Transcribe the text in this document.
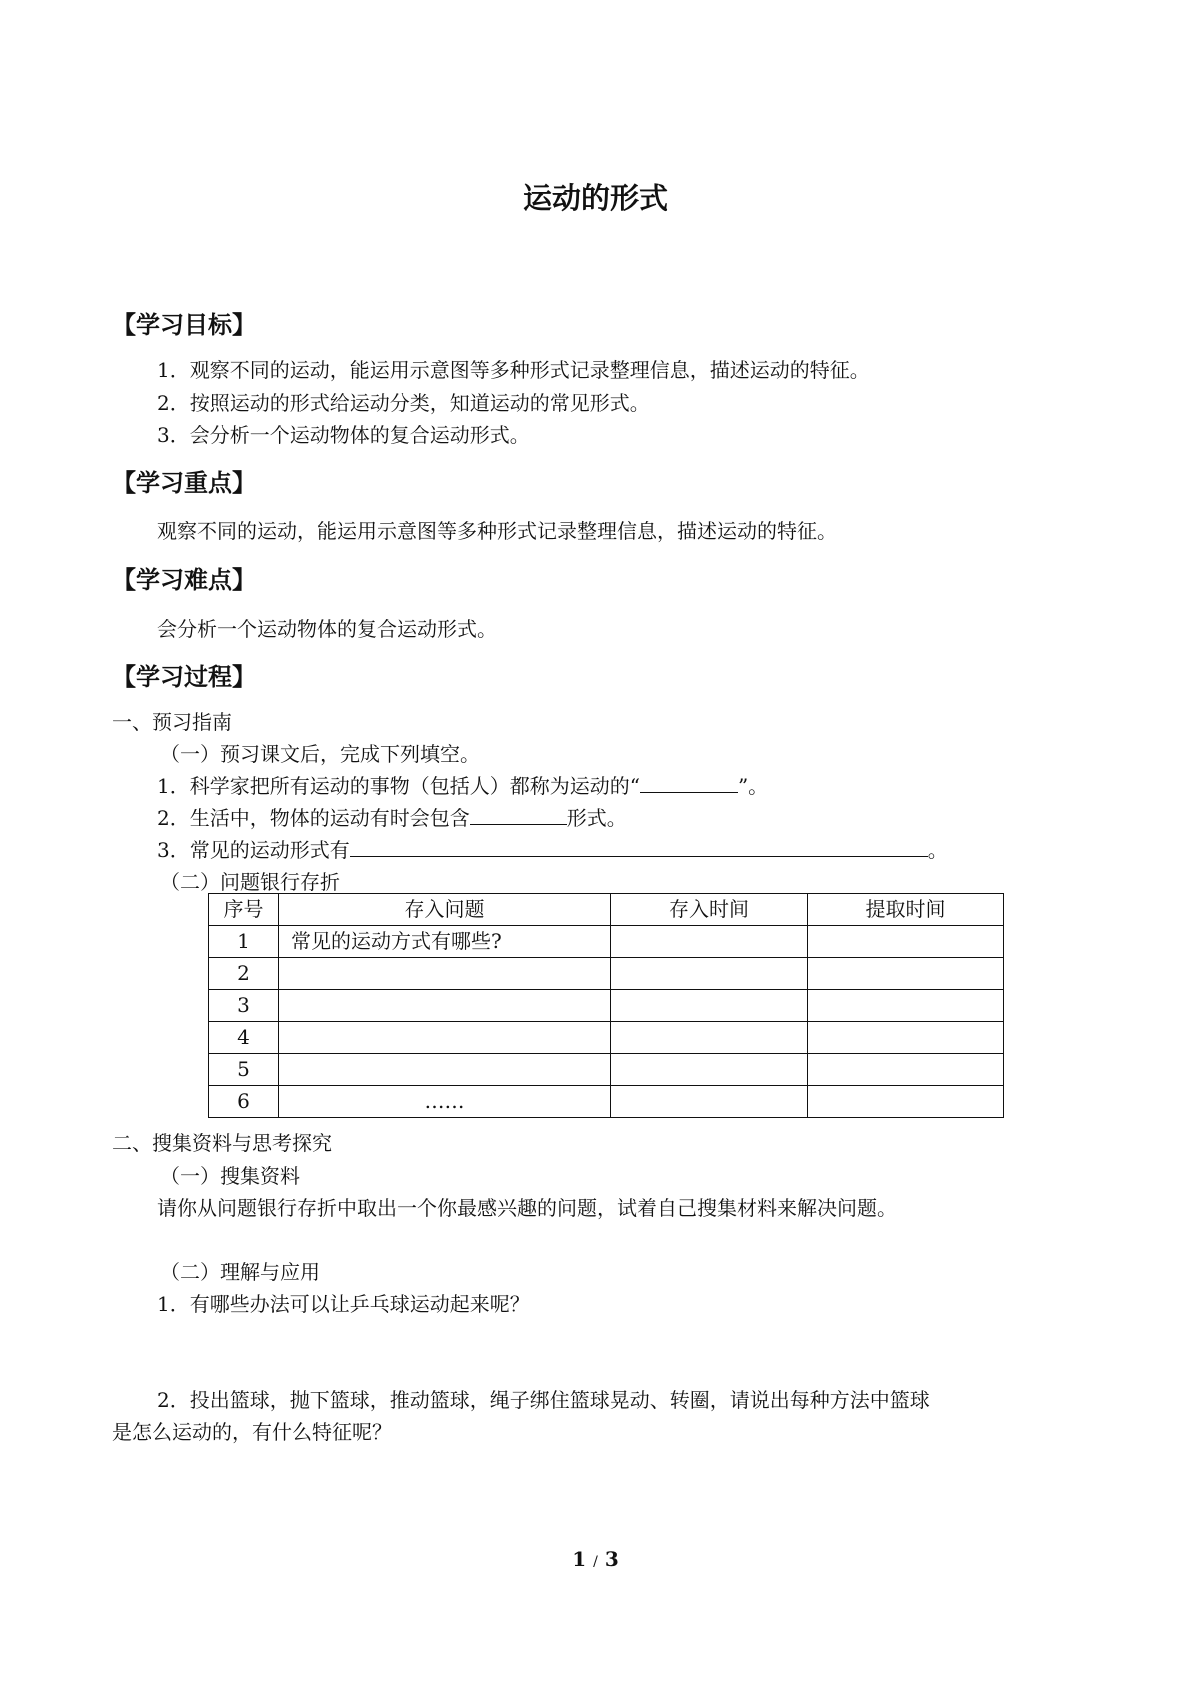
运动的形式
【学习目标】
1．观察不同的运动，能运用示意图等多种形式记录整理信息，描述运动的特征。
2．按照运动的形式给运动分类，知道运动的常见形式。
3．会分析一个运动物体的复合运动形式。
【学习重点】
观察不同的运动，能运用示意图等多种形式记录整理信息，描述运动的特征。
【学习难点】
会分析一个运动物体的复合运动形式。
【学习过程】
一、预习指南
（一）预习课文后，完成下列填空。
1．科学家把所有运动的事物（包括人）都称为运动的“	”。
2．生活中，物体的运动有时会包含	形式。
3．常见的运动形式有	。
（二）问题银行存折
序号	存入问题	存入时间	提取时间
1	常见的运动方式有哪些?		
2			
3			
4			
5			
6	……		
二、搜集资料与思考探究
（一）搜集资料
请你从问题银行存折中取出一个你最感兴趣的问题，试着自己搜集材料来解决问题。
（二）理解与应用
1．有哪些办法可以让乒乓球运动起来呢？
2．投出篮球，抛下篮球，推动篮球，绳子绑住篮球晃动、转圈，请说出每种方法中篮球
是怎么运动的，有什么特征呢？
1 / 3
